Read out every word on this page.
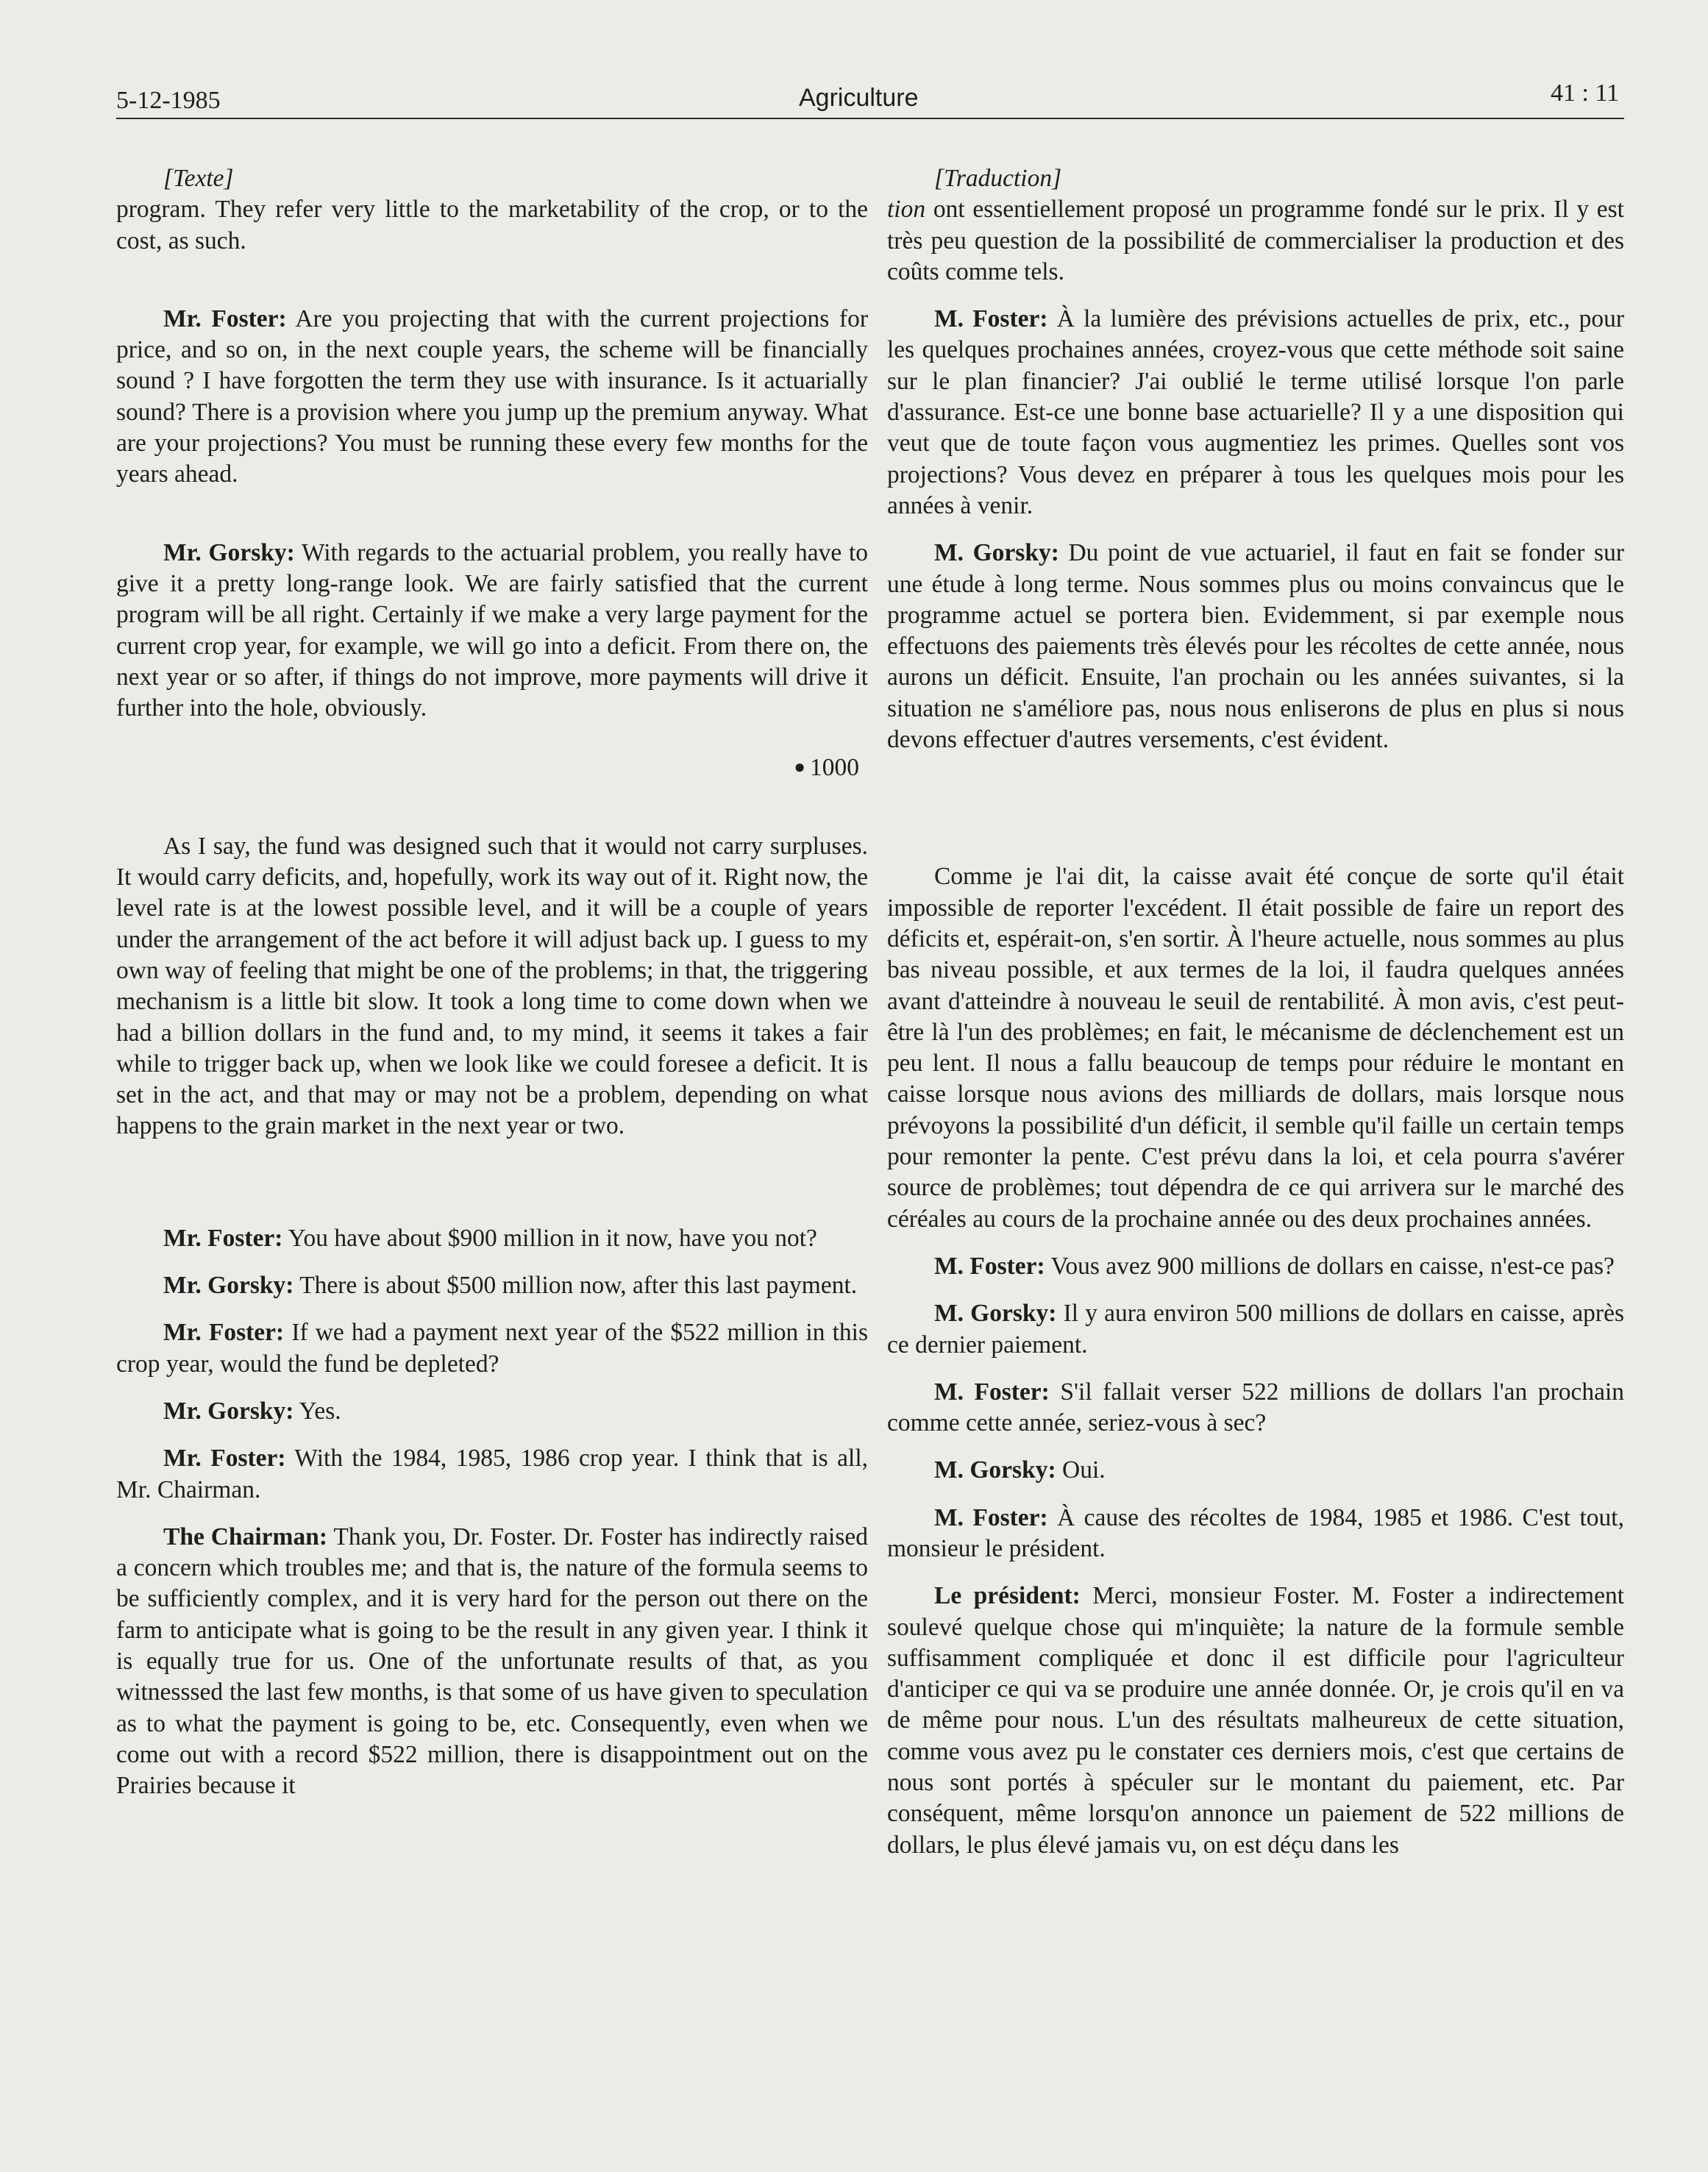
5-12-1985	Agriculture	41 : 11

[Texte]

program. They refer very little to the marketability of the crop, or to the cost, as such.

Mr. Foster: Are you projecting that with the current projections for price, and so on, in the next couple years, the scheme will be financially sound ? I have forgotten the term they use with insurance. Is it actuarially sound? There is a provision where you jump up the premium anyway. What are your projections? You must be running these every few months for the years ahead.

Mr. Gorsky: With regards to the actuarial problem, you really have to give it a pretty long-range look. We are fairly satisfied that the current program will be all right. Certainly if we make a very large payment for the current crop year, for example, we will go into a deficit. From there on, the next year or so after, if things do not improve, more payments will drive it further into the hole, obviously.

● 1000

As I say, the fund was designed such that it would not carry surpluses. It would carry deficits, and, hopefully, work its way out of it. Right now, the level rate is at the lowest possible level, and it will be a couple of years under the arrangement of the act before it will adjust back up. I guess to my own way of feeling that might be one of the problems; in that, the triggering mechanism is a little bit slow. It took a long time to come down when we had a billion dollars in the fund and, to my mind, it seems it takes a fair while to trigger back up, when we look like we could foresee a deficit. It is set in the act, and that may or may not be a problem, depending on what happens to the grain market in the next year or two.

Mr. Foster: You have about $900 million in it now, have you not?

Mr. Gorsky: There is about $500 million now, after this last payment.

Mr. Foster: If we had a payment next year of the $522 million in this crop year, would the fund be depleted?

Mr. Gorsky: Yes.

Mr. Foster: With the 1984, 1985, 1986 crop year. I think that is all, Mr. Chairman.

The Chairman: Thank you, Dr. Foster. Dr. Foster has indirectly raised a concern which troubles me; and that is, the nature of the formula seems to be sufficiently complex, and it is very hard for the person out there on the farm to anticipate what is going to be the result in any given year. I think it is equally true for us. One of the unfortunate results of that, as you witnesssed the last few months, is that some of us have given to speculation as to what the payment is going to be, etc. Consequently, even when we come out with a record $522 million, there is disappointment out on the Prairies because it

[Traduction]

tion ont essentiellement proposé un programme fondé sur le prix. Il y est très peu question de la possibilité de commercialiser la production et des coûts comme tels.

M. Foster: À la lumière des prévisions actuelles de prix, etc., pour les quelques prochaines années, croyez-vous que cette méthode soit saine sur le plan financier? J'ai oublié le terme utilisé lorsque l'on parle d'assurance. Est-ce une bonne base actuarielle? Il y a une disposition qui veut que de toute façon vous augmentiez les primes. Quelles sont vos projections? Vous devez en préparer à tous les quelques mois pour les années à venir.

M. Gorsky: Du point de vue actuariel, il faut en fait se fonder sur une étude à long terme. Nous sommes plus ou moins convaincus que le programme actuel se portera bien. Evidemment, si par exemple nous effectuons des paiements très élevés pour les récoltes de cette année, nous aurons un déficit. Ensuite, l'an prochain ou les années suivantes, si la situation ne s'améliore pas, nous nous enliserons de plus en plus si nous devons effectuer d'autres versements, c'est évident.

Comme je l'ai dit, la caisse avait été conçue de sorte qu'il était impossible de reporter l'excédent. Il était possible de faire un report des déficits et, espérait-on, s'en sortir. À l'heure actuelle, nous sommes au plus bas niveau possible, et aux termes de la loi, il faudra quelques années avant d'atteindre à nouveau le seuil de rentabilité. À mon avis, c'est peut-être là l'un des problèmes; en fait, le mécanisme de déclenchement est un peu lent. Il nous a fallu beaucoup de temps pour réduire le montant en caisse lorsque nous avions des milliards de dollars, mais lorsque nous prévoyons la possibilité d'un déficit, il semble qu'il faille un certain temps pour remonter la pente. C'est prévu dans la loi, et cela pourra s'avérer source de problèmes; tout dépendra de ce qui arrivera sur le marché des céréales au cours de la prochaine année ou des deux prochaines années.

M. Foster: Vous avez 900 millions de dollars en caisse, n'est-ce pas?

M. Gorsky: Il y aura environ 500 millions de dollars en caisse, après ce dernier paiement.

M. Foster: S'il fallait verser 522 millions de dollars l'an prochain comme cette année, seriez-vous à sec?

M. Gorsky: Oui.

M. Foster: À cause des récoltes de 1984, 1985 et 1986. C'est tout, monsieur le président.

Le président: Merci, monsieur Foster. M. Foster a indirectement soulevé quelque chose qui m'inquiète; la nature de la formule semble suffisamment compliquée et donc il est difficile pour l'agriculteur d'anticiper ce qui va se produire une année donnée. Or, je crois qu'il en va de même pour nous. L'un des résultats malheureux de cette situation, comme vous avez pu le constater ces derniers mois, c'est que certains de nous sont portés à spéculer sur le montant du paiement, etc. Par conséquent, même lorsqu'on annonce un paiement de 522 millions de dollars, le plus élevé jamais vu, on est déçu dans les
